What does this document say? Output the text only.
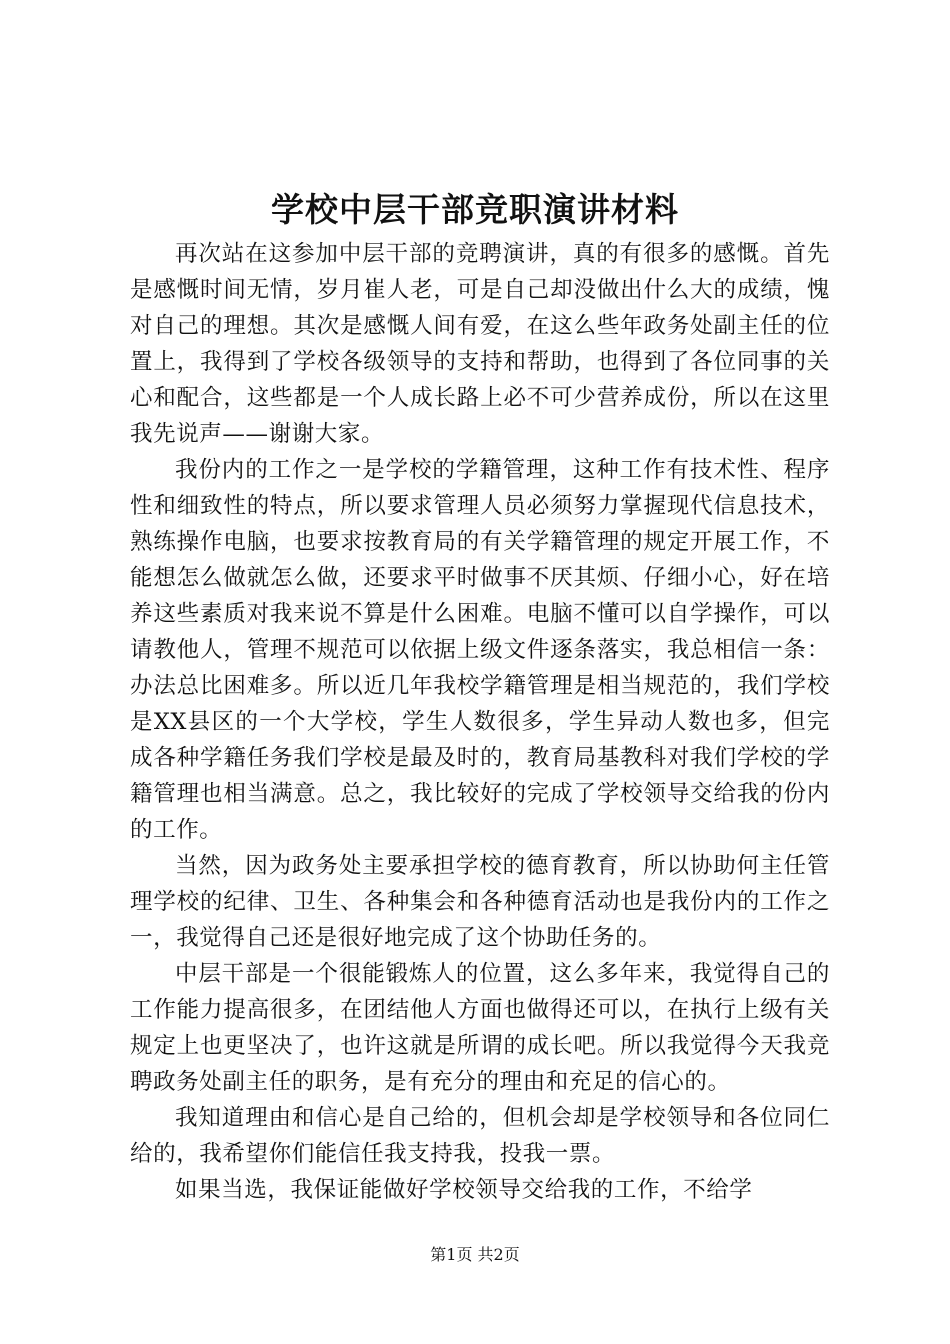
学校中层干部竞职演讲材料

再次站在这参加中层干部的竞聘演讲，真的有很多的感慨。首先是感慨时间无情，岁月崔人老，可是自己却没做出什么大的成绩，愧对自己的理想。其次是感慨人间有爱，在这么些年政务处副主任的位置上，我得到了学校各级领导的支持和帮助，也得到了各位同事的关心和配合，这些都是一个人成长路上必不可少营养成份，所以在这里我先说声——谢谢大家。

我份内的工作之一是学校的学籍管理，这种工作有技术性、程序性和细致性的特点，所以要求管理人员必须努力掌握现代信息技术，熟练操作电脑，也要求按教育局的有关学籍管理的规定开展工作，不能想怎么做就怎么做，还要求平时做事不厌其烦、仔细小心，好在培养这些素质对我来说不算是什么困难。电脑不懂可以自学操作，可以请教他人，管理不规范可以依据上级文件逐条落实，我总相信一条：办法总比困难多。所以近几年我校学籍管理是相当规范的，我们学校是XX县区的一个大学校，学生人数很多，学生异动人数也多，但完成各种学籍任务我们学校是最及时的，教育局基教科对我们学校的学籍管理也相当满意。总之，我比较好的完成了学校领导交给我的份内的工作。

当然，因为政务处主要承担学校的德育教育，所以协助何主任管理学校的纪律、卫生、各种集会和各种德育活动也是我份内的工作之一，我觉得自己还是很好地完成了这个协助任务的。

中层干部是一个很能锻炼人的位置，这么多年来，我觉得自己的工作能力提高很多，在团结他人方面也做得还可以，在执行上级有关规定上也更坚决了，也许这就是所谓的成长吧。所以我觉得今天我竞聘政务处副主任的职务，是有充分的理由和充足的信心的。

我知道理由和信心是自己给的，但机会却是学校领导和各位同仁给的，我希望你们能信任我支持我，投我一票。

如果当选，我保证能做好学校领导交给我的工作，不给学

第1页 共2页
